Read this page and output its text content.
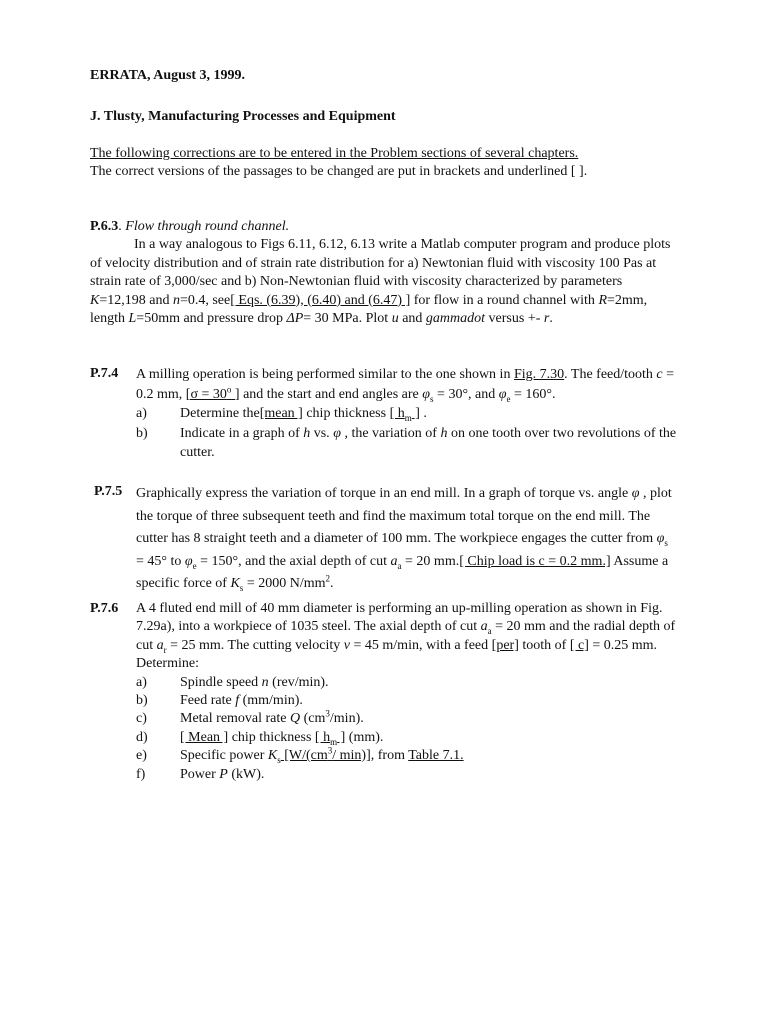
ERRATA, August 3, 1999.
J. Tlusty, Manufacturing Processes and Equipment
The following corrections are to be entered in the Problem sections of several chapters.
The correct versions of the passages to be changed are put in brackets and underlined [ ].
P.6.3. Flow through round channel.
In a way analogous to Figs 6.11, 6.12, 6.13 write a Matlab computer program and produce plots of velocity distribution and of strain rate distribution for a) Newtonian fluid with viscosity 100 Pas at strain rate of 3,000/sec and b) Non-Newtonian fluid with viscosity characterized by parameters K=12,198 and n=0.4, see[ Eqs. (6.39), (6.40) and (6.47) ] for flow in a round channel with R=2mm, length L=50mm and pressure drop ΔP= 30 MPa. Plot u and gammadot versus +- r.
P.7.4 A milling operation is being performed similar to the one shown in Fig. 7.30. The feed/tooth c = 0.2 mm, [$\sigma = 30^o$ ] and the start and end angles are $\varphi_s = 30^\circ$, and $\varphi_e = 160^\circ$.
a) Determine the[mean ] chip thickness [ $h_m$ ] .
b) Indicate in a graph of h vs. φ , the variation of h on one tooth over two revolutions of the cutter.
P.7.5 Graphically express the variation of torque in an end mill. In a graph of torque vs. angle φ , plot the torque of three subsequent teeth and find the maximum total torque on the end mill. The cutter has 8 straight teeth and a diameter of 100 mm. The workpiece engages the cutter from $\varphi_s = 45^\circ$ to $\varphi_e = 150^\circ$, and the axial depth of cut $a_a = 20$ mm.[ Chip load is c = 0.2 mm.] Assume a specific force of $K_s = 2000$ $N/mm^2$.
P.7.6 A 4 fluted end mill of 40 mm diameter is performing an up-milling operation as shown in Fig. 7.29a), into a workpiece of 1035 steel. The axial depth of cut $a_a = 20$ mm and the radial depth of cut $a_r = 25$ mm. The cutting velocity v = 45 m/min, with a feed [per] tooth of [ c] = 0.25 mm.
Determine:
a) Spindle speed n (rev/min).
b) Feed rate f (mm/min).
c) Metal removal rate Q $(cm^3/\min)$.
d) [ Mean ] chip thickness [ $h_m$ ] (mm).
e) Specific power $K_s$ [$W/(cm^3/$ min)], from Table 7.1.
f) Power P (kW).
